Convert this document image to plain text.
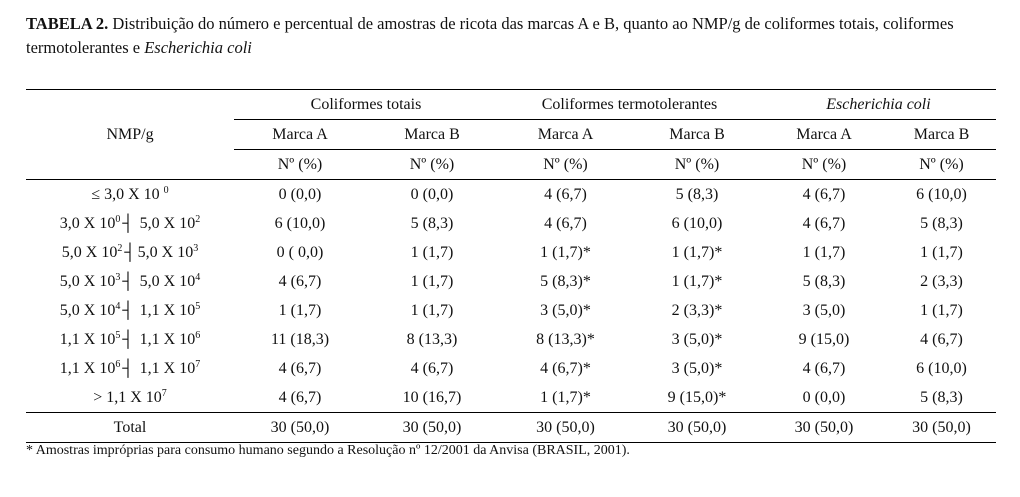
TABELA 2. Distribuição do número e percentual de amostras de ricota das marcas A e B, quanto ao NMP/g de coliformes totais, coliformes termotolerantes e Escherichia coli
NMP/g	Coliformes totais		Coliformes termotolerantes		Escherichia coli	
	Marca A	Marca B	Marca A	Marca B	Marca A	Marca B
	Nº (%)	Nº (%)	Nº (%)	Nº (%)	Nº (%)	Nº (%)
≤ 3,0 X 10 $^0$	0 (0,0)	0 (0,0)	4 (6,7)	5 (8,3)	4 (6,7)	6 (10,0)
3,0 X $10^0$ ┤ 5,0 X $10^2$	6 (10,0)	5 (8,3)	4 (6,7)	6 (10,0)	4 (6,7)	5 (8,3)
5,0 X $10^2$ ┤ 5,0 X $10^3$	0 ( 0,0)	1 (1,7)	1 (1,7)*	1 (1,7)*	1 (1,7)	1 (1,7)
5,0 X $10^3$ ┤ 5,0 X $10^4$	4 (6,7)	1 (1,7)	5 (8,3)*	1 (1,7)*	5 (8,3)	2 (3,3)
5,0 X $10^4$ ┤ 1,1 X $10^5$	1 (1,7)	1 (1,7)	3 (5,0)*	2 (3,3)*	3 (5,0)	1 (1,7)
1,1 X $10^5$ ┤ 1,1 X $10^6$	11 (18,3)	8 (13,3)	8 (13,3)*	3 (5,0)*	9 (15,0)	4 (6,7)
1,1 X $10^6$ ┤ 1,1 X $10^7$	4 (6,7)	4 (6,7)	4 (6,7)*	3 (5,0)*	4 (6,7)	6 (10,0)
> 1,1 X $10^7$	4 (6,7)	10 (16,7)	1 (1,7)*	9 (15,0)*	0 (0,0)	5 (8,3)
Total	30 (50,0)	30 (50,0)	30 (50,0)	30 (50,0)	30 (50,0)	30 (50,0)
* Amostras impróprias para consumo humano segundo a Resolução nº 12/2001 da Anvisa (BRASIL, 2001).
